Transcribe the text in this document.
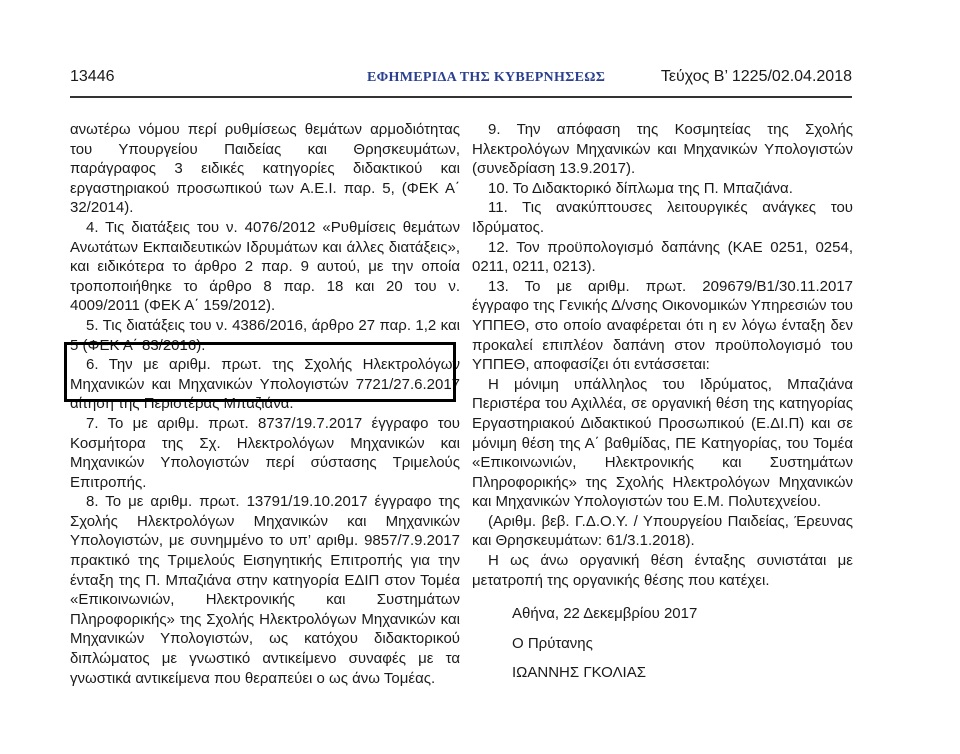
13446	ΕΦΗΜΕΡΙΔΑ ΤΗΣ ΚΥΒΕΡΝΗΣΕΩΣ	Τεύχος Β’ 1225/02.04.2018

ανωτέρω νόμου περί ρυθμίσεως θεμάτων αρμοδιότητας του Υπουργείου Παιδείας και Θρησκευμάτων, παράγραφος 3 ειδικές κατηγορίες διδακτικού και εργαστηριακού προσωπικού των Α.Ε.Ι. παρ. 5, (ΦΕΚ Α΄ 32/2014).

4. Τις διατάξεις του ν. 4076/2012 «Ρυθμίσεις θεμάτων Ανωτάτων Εκπαιδευτικών Ιδρυμάτων και άλλες διατάξεις», και ειδικότερα το άρθρο 2 παρ. 9 αυτού, με την οποία τροποποιήθηκε το άρθρο 8 παρ. 18 και 20 του ν. 4009/2011 (ΦΕΚ Α΄ 159/2012).

5. Τις διατάξεις του ν. 4386/2016, άρθρο 27 παρ. 1,2 και 5 (ΦΕΚ Α΄ 83/2016).

6. Την με αριθμ. πρωτ. της Σχολής Ηλεκτρολόγων Μηχανικών και Μηχανικών Υπολογιστών 7721/27.6.2017 αίτηση της Περιστέρας Μπαζιάνα.

7. Το με αριθμ. πρωτ. 8737/19.7.2017 έγγραφο του Κοσμήτορα της Σχ. Ηλεκτρολόγων Μηχανικών και Μηχανικών Υπολογιστών περί σύστασης Τριμελούς Επιτροπής.

8. Το με αριθμ. πρωτ. 13791/19.10.2017 έγγραφο της Σχολής Ηλεκτρολόγων Μηχανικών και Μηχανικών Υπολογιστών, με συνημμένο το υπ’ αριθμ. 9857/7.9.2017 πρακτικό της Τριμελούς Εισηγητικής Επιτροπής για την ένταξη της Π. Μπαζιάνα στην κατηγορία ΕΔΙΠ στον Τομέα «Επικοινωνιών, Ηλεκτρονικής και Συστημάτων Πληροφορικής» της Σχολής Ηλεκτρολόγων Μηχανικών και Μηχανικών Υπολογιστών, ως κατόχου διδακτορικού διπλώματος με γνωστικό αντικείμενο συναφές με τα γνωστικά αντικείμενα που θεραπεύει ο ως άνω Τομέας.

9. Την απόφαση της Κοσμητείας της Σχολής Ηλεκτρολόγων Μηχανικών και Μηχανικών Υπολογιστών (συνεδρίαση 13.9.2017).

10. Το Διδακτορικό δίπλωμα της Π. Μπαζιάνα.

11. Τις ανακύπτουσες λειτουργικές ανάγκες του Ιδρύματος.

12. Τον προϋπολογισμό δαπάνης (ΚΑΕ 0251, 0254, 0211, 0211, 0213).

13. Το με αριθμ. πρωτ. 209679/Β1/30.11.2017 έγγραφο της Γενικής Δ/νσης Οικονομικών Υπηρεσιών του ΥΠΠΕΘ, στο οποίο αναφέρεται ότι η εν λόγω ένταξη δεν προκαλεί επιπλέον δαπάνη στον προϋπολογισμό του ΥΠΠΕΘ, αποφασίζει ότι εντάσσεται:

Η μόνιμη υπάλληλος του Ιδρύματος, Μπαζιάνα Περιστέρα του Αχιλλέα, σε οργανική θέση της κατηγορίας Εργαστηριακού Διδακτικού Προσωπικού (Ε.ΔΙ.Π) και σε μόνιμη θέση της Α΄ βαθμίδας, ΠΕ Κατηγορίας, του Τομέα «Επικοινωνιών, Ηλεκτρονικής και Συστημάτων Πληροφορικής» της Σχολής Ηλεκτρολόγων Μηχανικών και Μηχανικών Υπολογιστών του Ε.Μ. Πολυτεχνείου.

(Αριθμ. βεβ. Γ.Δ.Ο.Υ. / Υπουργείου Παιδείας, Έρευνας και Θρησκευμάτων: 61/3.1.2018).

Η ως άνω οργανική θέση ένταξης συνιστάται με μετατροπή της οργανικής θέσης που κατέχει.

Αθήνα, 22 Δεκεμβρίου 2017

Ο Πρύτανης

ΙΩΑΝΝΗΣ ΓΚΟΛΙΑΣ
